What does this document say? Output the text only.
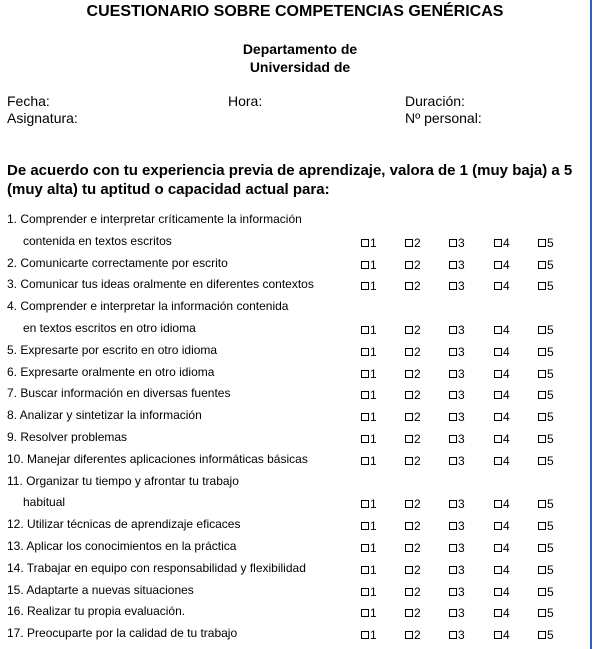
CUESTIONARIO SOBRE COMPETENCIAS GENÉRICAS
Departamento de
Universidad de
Fecha:	Hora:	Duración:
Asignatura:	Nº personal:
De acuerdo con tu experiencia previa de aprendizaje, valora de 1 (muy baja) a 5 (muy alta) tu aptitud o capacidad actual para:
1. Comprender e interpretar críticamente la información
contenida en textos escritos	1	2	3	4	5
2. Comunicarte correctamente por escrito	1	2	3	4	5
3. Comunicar tus ideas oralmente en diferentes contextos	1	2	3	4	5
4. Comprender e interpretar la información contenida
en textos escritos en otro idioma	1	2	3	4	5
5. Expresarte por escrito en otro idioma	1	2	3	4	5
6. Expresarte oralmente en otro idioma	1	2	3	4	5
7. Buscar información en diversas fuentes	1	2	3	4	5
8. Analizar y sintetizar la información	1	2	3	4	5
9. Resolver problemas	1	2	3	4	5
10. Manejar diferentes aplicaciones informáticas básicas	1	2	3	4	5
11. Organizar tu tiempo y afrontar tu trabajo
habitual	1	2	3	4	5
12. Utilizar técnicas de aprendizaje eficaces	1	2	3	4	5
13. Aplicar los conocimientos en la práctica	1	2	3	4	5
14. Trabajar en equipo con responsabilidad y flexibilidad	1	2	3	4	5
15. Adaptarte a nuevas situaciones	1	2	3	4	5
16. Realizar tu propia evaluación.	1	2	3	4	5
17. Preocuparte por la calidad de tu trabajo	1	2	3	4	5
